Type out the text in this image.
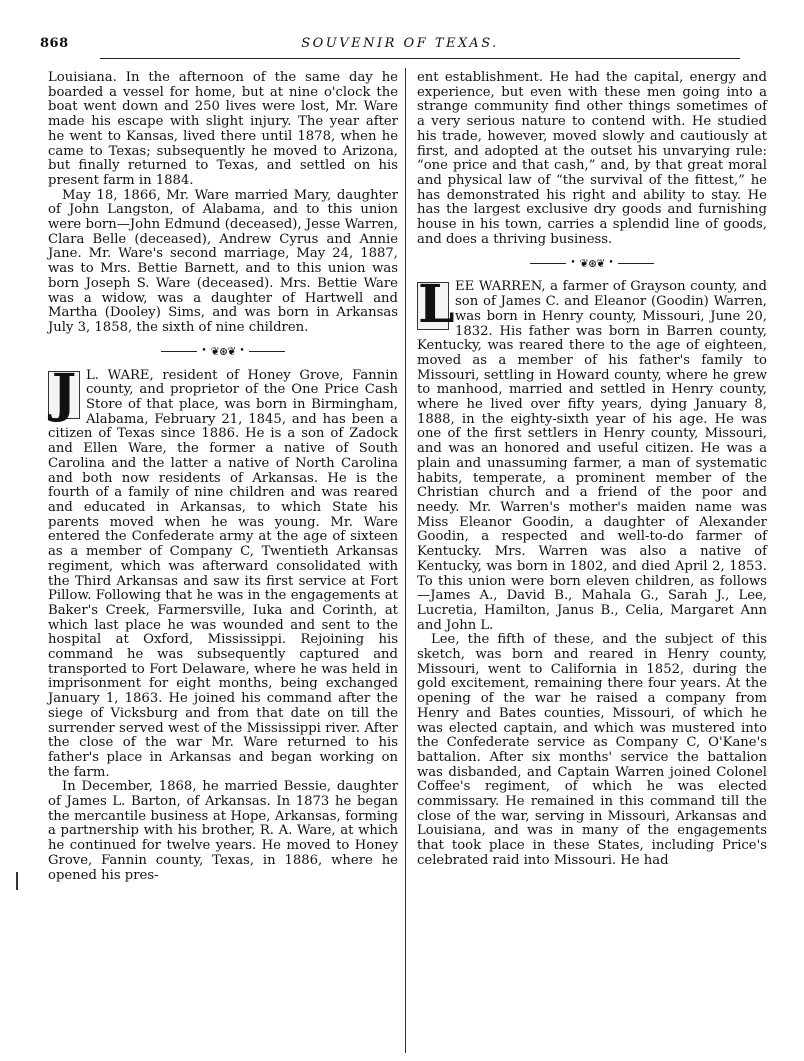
868	SOUVENIR OF TEXAS.

Louisiana. In the afternoon of the same day he boarded a vessel for home, but at nine o'clock the boat went down and 250 lives were lost, Mr. Ware made his escape with slight injury. The year after he went to Kansas, lived there until 1878, when he came to Texas; subsequently he moved to Arizona, but finally returned to Texas, and settled on his present farm in 1884.

May 18, 1866, Mr. Ware married Mary, daughter of John Langston, of Alabama, and to this union were born—John Edmund (deceased), Jesse Warren, Clara Belle (deceased), Andrew Cyrus and Annie Jane. Mr. Ware's second marriage, May 24, 1887, was to Mrs. Bettie Barnett, and to this union was born Joseph S. Ware (deceased). Mrs. Bettie Ware was a widow, was a daughter of Hartwell and Martha (Dooley) Sims, and was born in Arkansas July 3, 1858, the sixth of nine children.

• ❦⊛❦ •

J L. WARE, resident of Honey Grove, Fannin county, and proprietor of the One Price Cash Store of that place, was born in Birmingham, Alabama, February 21, 1845, and has been a citizen of Texas since 1886. He is a son of Zadock and Ellen Ware, the former a native of South Carolina and the latter a native of North Carolina and both now residents of Arkansas. He is the fourth of a family of nine children and was reared and educated in Arkansas, to which State his parents moved when he was young. Mr. Ware entered the Confederate army at the age of sixteen as a member of Company C, Twentieth Arkansas regiment, which was afterward consolidated with the Third Arkansas and saw its first service at Fort Pillow. Following that he was in the engagements at Baker's Creek, Farmersville, Iuka and Corinth, at which last place he was wounded and sent to the hospital at Oxford, Mississippi. Rejoining his command he was subsequently captured and transported to Fort Delaware, where he was held in imprisonment for eight months, being exchanged January 1, 1863. He joined his command after the siege of Vicksburg and from that date on till the surrender served west of the Mississippi river. After the close of the war Mr. Ware returned to his father's place in Arkansas and began working on the farm.

In December, 1868, he married Bessie, daughter of James L. Barton, of Arkansas. In 1873 he began the mercantile business at Hope, Arkansas, forming a partnership with his brother, R. A. Ware, at which he continued for twelve years. He moved to Honey Grove, Fannin county, Texas, in 1886, where he opened his pres-

ent establishment. He had the capital, energy and experience, but even with these men going into a strange community find other things sometimes of a very serious nature to contend with. He studied his trade, however, moved slowly and cautiously at first, and adopted at the outset his unvarying rule: “one price and that cash,” and, by that great moral and physical law of “the survival of the fittest,” he has demonstrated his right and ability to stay. He has the largest exclusive dry goods and furnishing house in his town, carries a splendid line of goods, and does a thriving business.

• ❦⊛❦ •

L EE WARREN, a farmer of Grayson county, and son of James C. and Eleanor (Goodin) Warren, was born in Henry county, Missouri, June 20, 1832. His father was born in Barren county, Kentucky, was reared there to the age of eighteen, moved as a member of his father's family to Missouri, settling in Howard county, where he grew to manhood, married and settled in Henry county, where he lived over fifty years, dying January 8, 1888, in the eighty-sixth year of his age. He was one of the first settlers in Henry county, Missouri, and was an honored and useful citizen. He was a plain and unassuming farmer, a man of systematic habits, temperate, a prominent member of the Christian church and a friend of the poor and needy. Mr. Warren's mother's maiden name was Miss Eleanor Goodin, a daughter of Alexander Goodin, a respected and well-to-do farmer of Kentucky. Mrs. Warren was also a native of Kentucky, was born in 1802, and died April 2, 1853. To this union were born eleven children, as follows—James A., David B., Mahala G., Sarah J., Lee, Lucretia, Hamilton, Janus B., Celia, Margaret Ann and John L.

Lee, the fifth of these, and the subject of this sketch, was born and reared in Henry county, Missouri, went to California in 1852, during the gold excitement, remaining there four years. At the opening of the war he raised a company from Henry and Bates counties, Missouri, of which he was elected captain, and which was mustered into the Confederate service as Company C, O'Kane's battalion. After six months' service the battalion was disbanded, and Captain Warren joined Colonel Coffee's regiment, of which he was elected commissary. He remained in this command till the close of the war, serving in Missouri, Arkansas and Louisiana, and was in many of the engagements that took place in these States, including Price's celebrated raid into Missouri. He had
